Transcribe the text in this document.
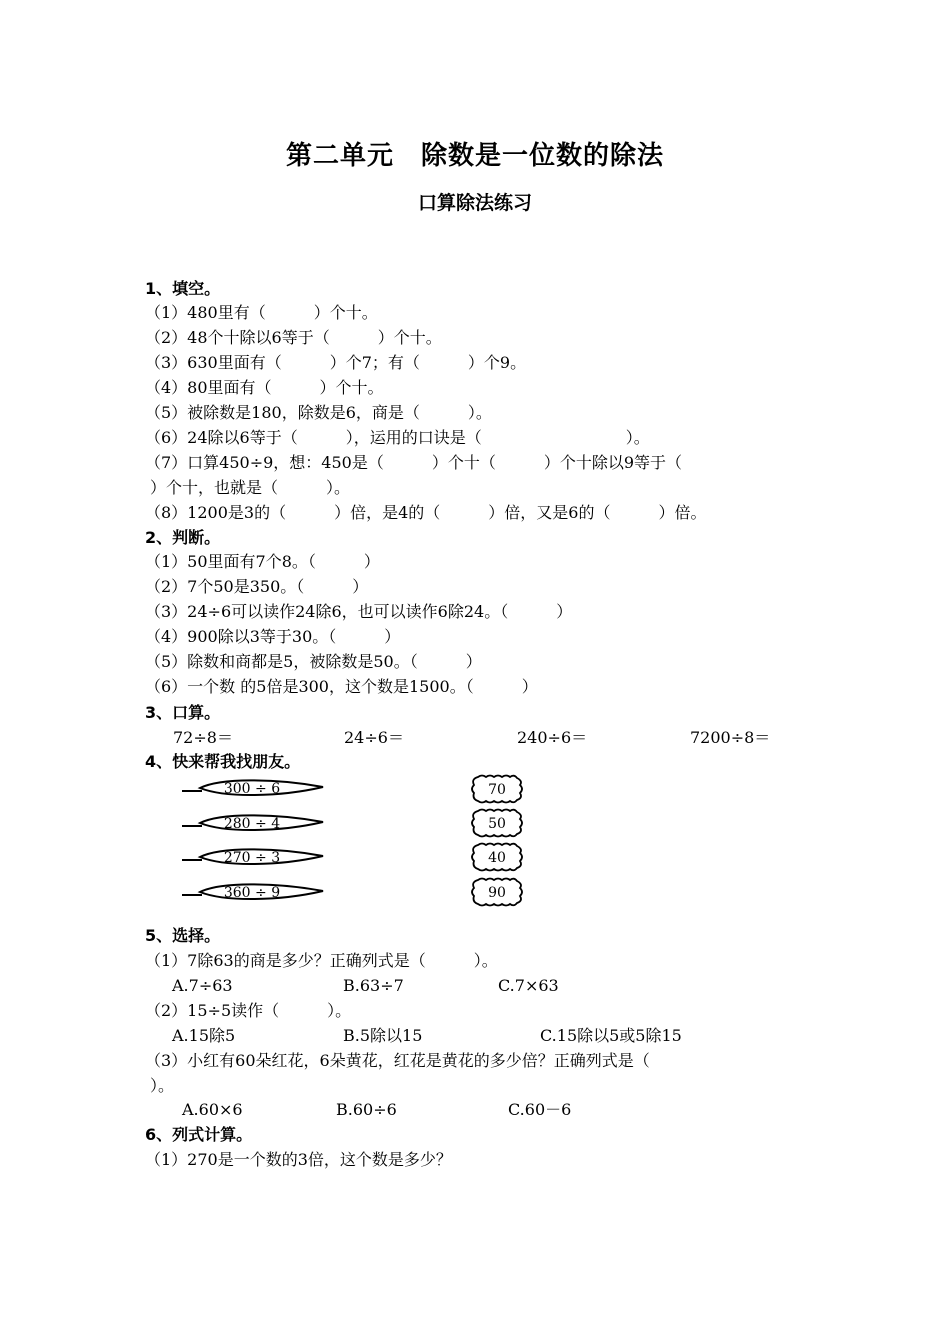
第二单元　除数是一位数的除法
口算除法练习
1、填空。
（1）480里有（　　　）个十。
（2）48个十除以6等于（　　　）个十。
（3）630里面有（　　　）个7；有（　　　）个9。
（4）80里面有（　　　）个十。
（5）被除数是180，除数是6，商是（　　　）。
（6）24除以6等于（　　　），运用的口诀是（　　　　　　　　　）。
（7）口算450÷9，想：450是（　　　）个十（　　　）个十除以9等于（
）个十，也就是（　　　）。
（8）1200是3的（　　　）倍，是4的（　　　）倍，又是6的（　　　）倍。
2、判断。
（1）50里面有7个8。（　　　）
（2）7个50是350。（　　　）
（3）24÷6可以读作24除6，也可以读作6除24。（　　　）
（4）900除以3等于30。（　　　）
（5）除数和商都是5，被除数是50。（　　　）
（6）一个数 的5倍是300，这个数是1500。（　　　）
3、口算。
72÷8＝	24÷6＝	240÷6＝	7200÷8＝
4、快来帮我找朋友。
300 ÷ 6
280 ÷ 4
270 ÷ 3
360 ÷ 9
70
50
40
90
5、选择。
（1）7除63的商是多少？正确列式是（　　　）。
A.7÷63	B.63÷7	C.7×63
（2）15÷5读作（　　　）。
A.15除5	B.5除以15	C.15除以5或5除15
（3）小红有60朵红花，6朵黄花，红花是黄花的多少倍？正确列式是（
）。
A.60×6	B.60÷6	C.60－6
6、列式计算。
（1）270是一个数的3倍，这个数是多少？
